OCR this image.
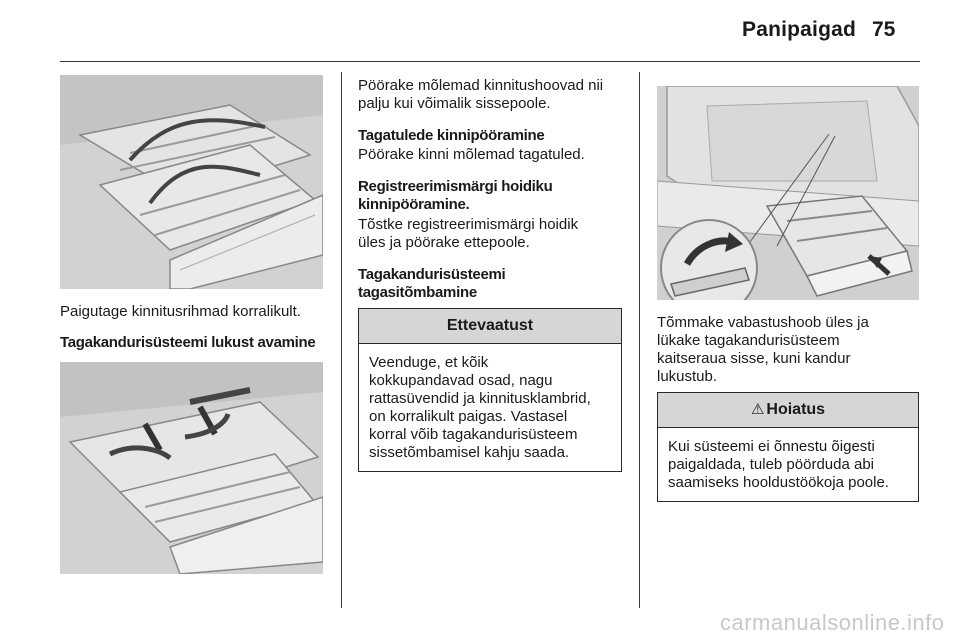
Panipaigad 75
Paigutage kinnitusrihmad korralikult.
Tagakandurisüsteemi lukust avamine
Pöörake mõlemad kinnitushoovad nii
palju kui võimalik sissepoole.
Tagatulede kinnipööramine
Pöörake kinni mõlemad tagatuled.
Registreerimismärgi hoidiku
kinnipööramine.
Tõstke registreerimismärgi hoidik
üles ja pöörake ettepoole.
Tagakandurisüsteemi
tagasitõmbamine
Ettevaatust
Veenduge, et kõik
kokkupandavad osad, nagu
rattasüvendid ja kinnitusklambrid,
on korralikult paigas. Vastasel
korral võib tagakandurisüsteem
sissetõmbamisel kahju saada.
Tõmmake vabastushoob üles ja
lükake tagakandurisüsteem
kaitseraua sisse, kuni kandur
lukustub.
⚠ Hoiatus
Kui süsteemi ei õnnestu õigesti
paigaldada, tuleb pöörduda abi
saamiseks hooldustöökoja poole.
carmanualsonline.info
